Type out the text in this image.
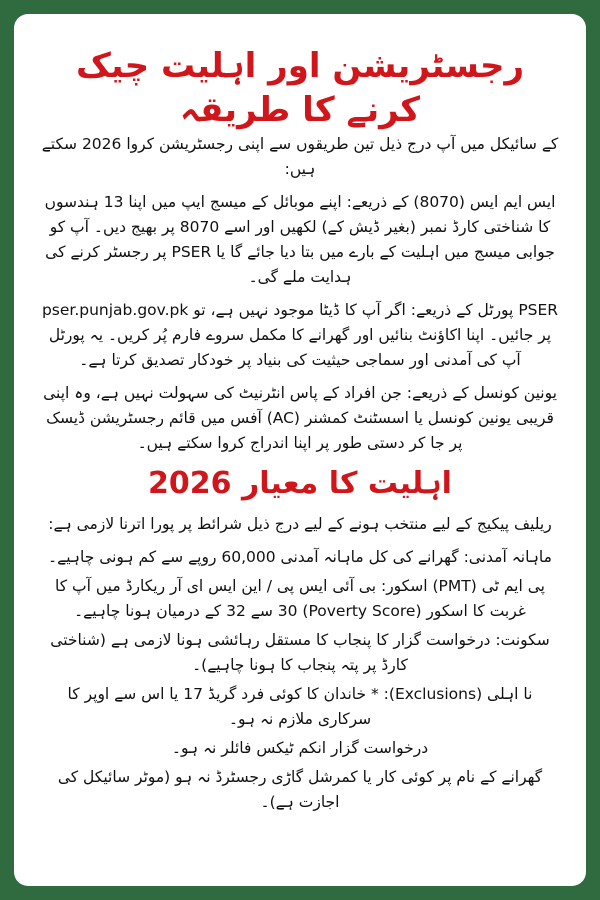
رجسٹریشن اور اہلیت چیک کرنے کا طریقہ

کے سائیکل میں آپ درج ذیل تین طریقوں سے اپنی رجسٹریشن کروا 2026 سکتے ہیں:

ایس ایم ایس (8070) کے ذریعے: اپنے موبائل کے میسج ایپ میں اپنا 13 ہندسوں کا شناختی کارڈ نمبر (بغیر ڈیش کے) لکھیں اور اسے 8070 پر بھیج دیں۔ آپ کو جوابی میسج میں اہلیت کے بارے میں بتا دیا جائے گا یا PSER پر رجسٹر کرنے کی ہدایت ملے گی۔

PSER پورٹل کے ذریعے: اگر آپ کا ڈیٹا موجود نہیں ہے، تو pser.punjab.gov.pk پر جائیں۔ اپنا اکاؤنٹ بنائیں اور گھرانے کا مکمل سروے فارم پُر کریں۔ یہ پورٹل آپ کی آمدنی اور سماجی حیثیت کی بنیاد پر خودکار تصدیق کرتا ہے۔

یونین کونسل کے ذریعے: جن افراد کے پاس انٹرنیٹ کی سہولت نہیں ہے، وہ اپنی قریبی یونین کونسل یا اسسٹنٹ کمشنر (AC) آفس میں قائم رجسٹریشن ڈیسک پر جا کر دستی طور پر اپنا اندراج کروا سکتے ہیں۔

اہلیت کا معیار 2026

ریلیف پیکیج کے لیے منتخب ہونے کے لیے درج ذیل شرائط پر پورا اترنا لازمی ہے:

ماہانہ آمدنی: گھرانے کی کل ماہانہ آمدنی 60,000 روپے سے کم ہونی چاہیے۔

پی ایم ٹی (PMT) اسکور: بی آئی ایس پی / این ایس ای آر ریکارڈ میں آپ کا غربت کا اسکور (Poverty Score) 30 سے 32 کے درمیان ہونا چاہیے۔

سکونت: درخواست گزار کا پنجاب کا مستقل رہائشی ہونا لازمی ہے (شناختی کارڈ پر پتہ پنجاب کا ہونا چاہیے)۔

نا اہلی (Exclusions): * خاندان کا کوئی فرد گریڈ 17 یا اس سے اوپر کا سرکاری ملازم نہ ہو۔

درخواست گزار انکم ٹیکس فائلر نہ ہو۔

گھرانے کے نام پر کوئی کار یا کمرشل گاڑی رجسٹرڈ نہ ہو (موٹر سائیکل کی اجازت ہے)۔
